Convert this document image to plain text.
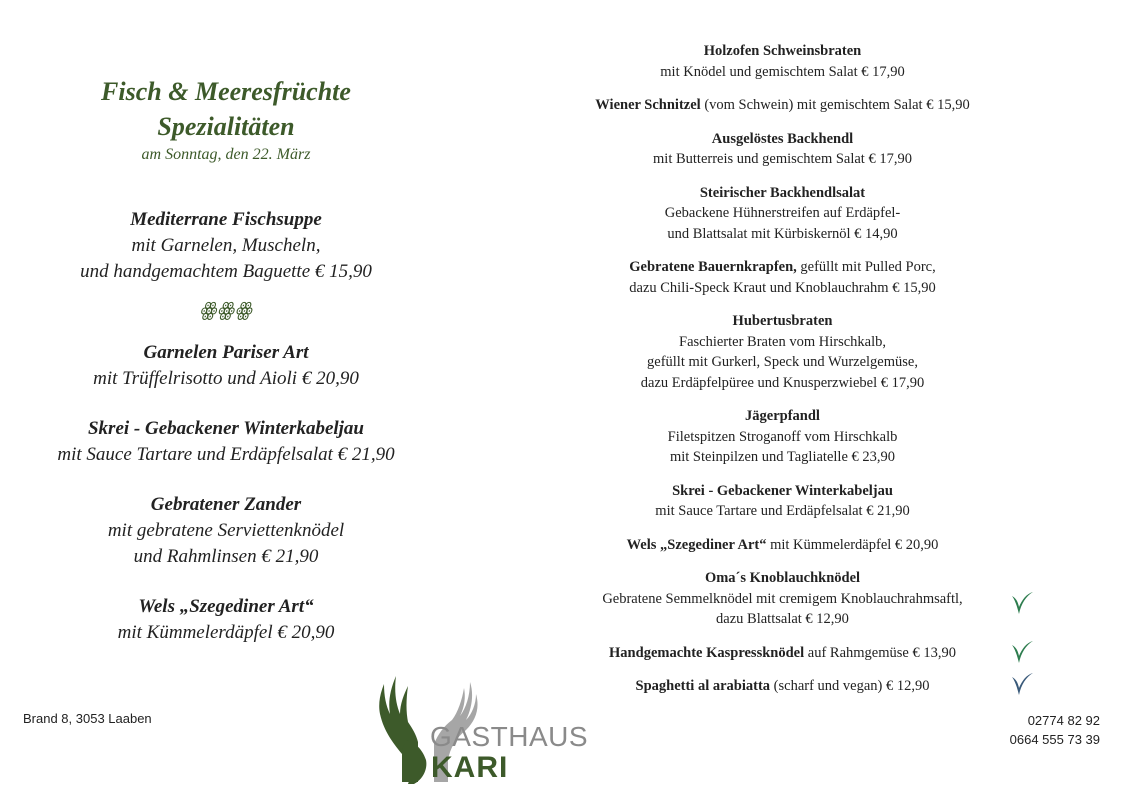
Fisch & Meeresfrüchte
Spezialitäten
am Sonntag, den 22. März
Mediterrane Fischsuppe
mit Garnelen, Muscheln,
und handgemachtem Baguette € 15,90
ꙮꙮꙮ
Garnelen Pariser Art
mit Trüffelrisotto und Aioli € 20,90
Skrei - Gebackener Winterkabeljau
mit Sauce Tartare und Erdäpfelsalat € 21,90
Gebratener Zander
mit gebratene Serviettenknödel
und Rahmlinsen € 21,90
Wels „Szegediner Art“
mit Kümmelerdäpfel € 20,90
Holzofen Schweinsbraten
mit Knödel und gemischtem Salat € 17,90
Wiener Schnitzel (vom Schwein) mit gemischtem Salat € 15,90
Ausgelöstes Backhendl
mit Butterreis und gemischtem Salat € 17,90
Steirischer Backhendlsalat
Gebackene Hühnerstreifen auf Erdäpfel-
und Blattsalat mit Kürbiskernöl € 14,90
Gebratene Bauernkrapfen, gefüllt mit Pulled Porc,
dazu Chili-Speck Kraut und Knoblauchrahm € 15,90
Hubertusbraten
Faschierter Braten vom Hirschkalb,
gefüllt mit Gurkerl, Speck und Wurzelgemüse,
dazu Erdäpfelpüree und Knusperzwiebel € 17,90
Jägerpfandl
Filetspitzen Stroganoff vom Hirschkalb
mit Steinpilzen und Tagliatelle € 23,90
Skrei - Gebackener Winterkabeljau
mit Sauce Tartare und Erdäpfelsalat € 21,90
Wels „Szegediner Art“ mit Kümmelerdäpfel € 20,90
Oma´s Knoblauchknödel
Gebratene Semmelknödel mit cremigem Knoblauchrahmsaftl,
dazu Blattsalat € 12,90
Handgemachte Kaspressknödel auf Rahmgemüse € 13,90
Spaghetti al arabiatta (scharf und vegan) € 12,90
Brand 8, 3053 Laaben	02774 82 92
0664 555 73 39
GASTHAUS
KARI
